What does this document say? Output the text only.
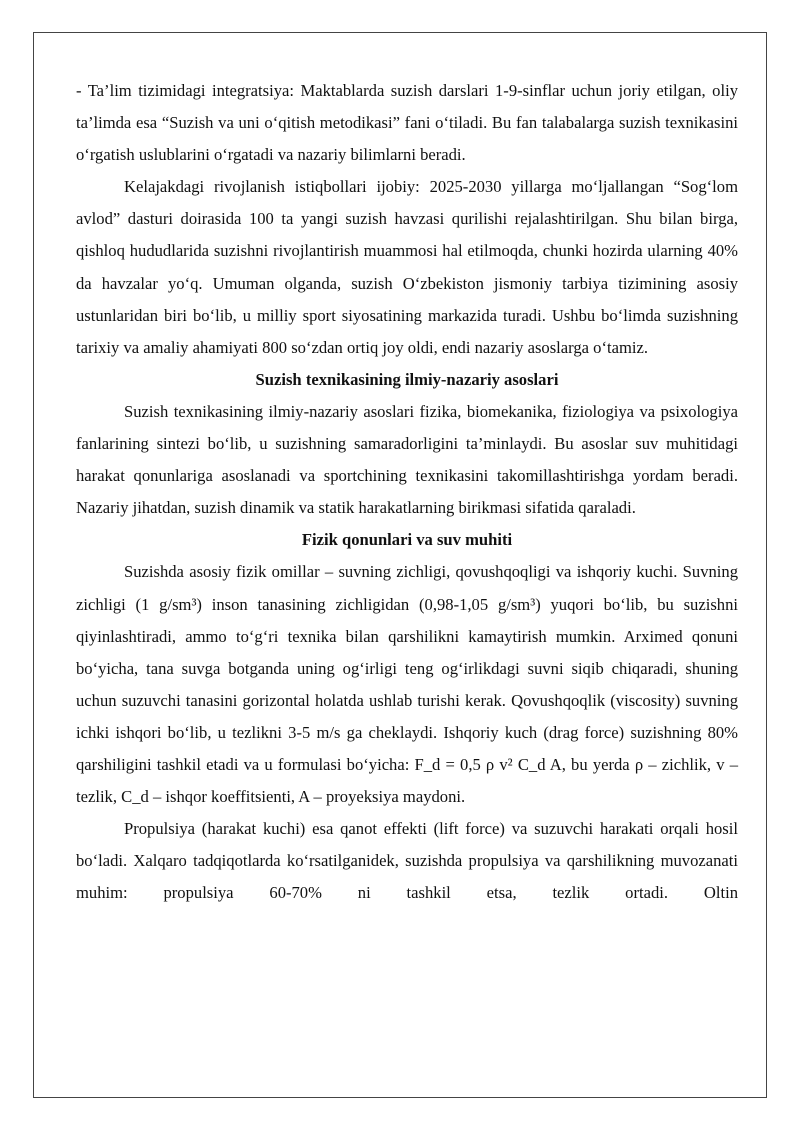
- Ta’lim tizimidagi integratsiya: Maktablarda suzish darslari 1-9-sinflar uchun joriy etilgan, oliy ta’limda esa “Suzish va uni o‘qitish metodikasi” fani o‘tiladi. Bu fan talabalarga suzish texnikasini o‘rgatish uslublarini o‘rgatadi va nazariy bilimlarni beradi.

Kelajakdagi rivojlanish istiqbollari ijobiy: 2025-2030 yillarga mo‘ljallangan “Sog‘lom avlod” dasturi doirasida 100 ta yangi suzish havzasi qurilishi rejalashtirilgan. Shu bilan birga, qishloq hududlarida suzishni rivojlantirish muammosi hal etilmoqda, chunki hozirda ularning 40% da havzalar yo‘q. Umuman olganda, suzish O‘zbekiston jismoniy tarbiya tizimining asosiy ustunlaridan biri bo‘lib, u milliy sport siyosatining markazida turadi. Ushbu bo‘limda suzishning tarixiy va amaliy ahamiyati 800 so‘zdan ortiq joy oldi, endi nazariy asoslarga o‘tamiz.

Suzish texnikasining ilmiy-nazariy asoslari

Suzish texnikasining ilmiy-nazariy asoslari fizika, biomekanika, fiziologiya va psixologiya fanlarining sintezi bo‘lib, u suzishning samaradorligini ta’minlaydi. Bu asoslar suv muhitidagi harakat qonunlariga asoslanadi va sportchining texnikasini takomillashtirishga yordam beradi. Nazariy jihatdan, suzish dinamik va statik harakatlarning birikmasi sifatida qaraladi.

Fizik qonunlari va suv muhiti

Suzishda asosiy fizik omillar – suvning zichligi, qovushqoqligi va ishqoriy kuchi. Suvning zichligi (1 g/sm³) inson tanasining zichligidan (0,98-1,05 g/sm³) yuqori bo‘lib, bu suzishni qiyinlashtiradi, ammo to‘g‘ri texnika bilan qarshilikni kamaytirish mumkin. Arximed qonuni bo‘yicha, tana suvga botganda uning og‘irligi teng og‘irlikdagi suvni siqib chiqaradi, shuning uchun suzuvchi tanasini gorizontal holatda ushlab turishi kerak. Qovushqoqlik (viscosity) suvning ichki ishqori bo‘lib, u tezlikni 3-5 m/s ga cheklaydi. Ishqoriy kuch (drag force) suzishning 80% qarshiligini tashkil etadi va u formulasi bo‘yicha: F_d = 0,5 ρ v² C_d A, bu yerda ρ – zichlik, v – tezlik, C_d – ishqor koeffitsienti, A – proyeksiya maydoni.

Propulsiya (harakat kuchi) esa qanot effekti (lift force) va suzuvchi harakati orqali hosil bo‘ladi. Xalqaro tadqiqotlarda ko‘rsatilganidek, suzishda propulsiya va qarshilikning muvozanati muhim: propulsiya 60-70% ni tashkil etsa, tezlik ortadi. Oltin
